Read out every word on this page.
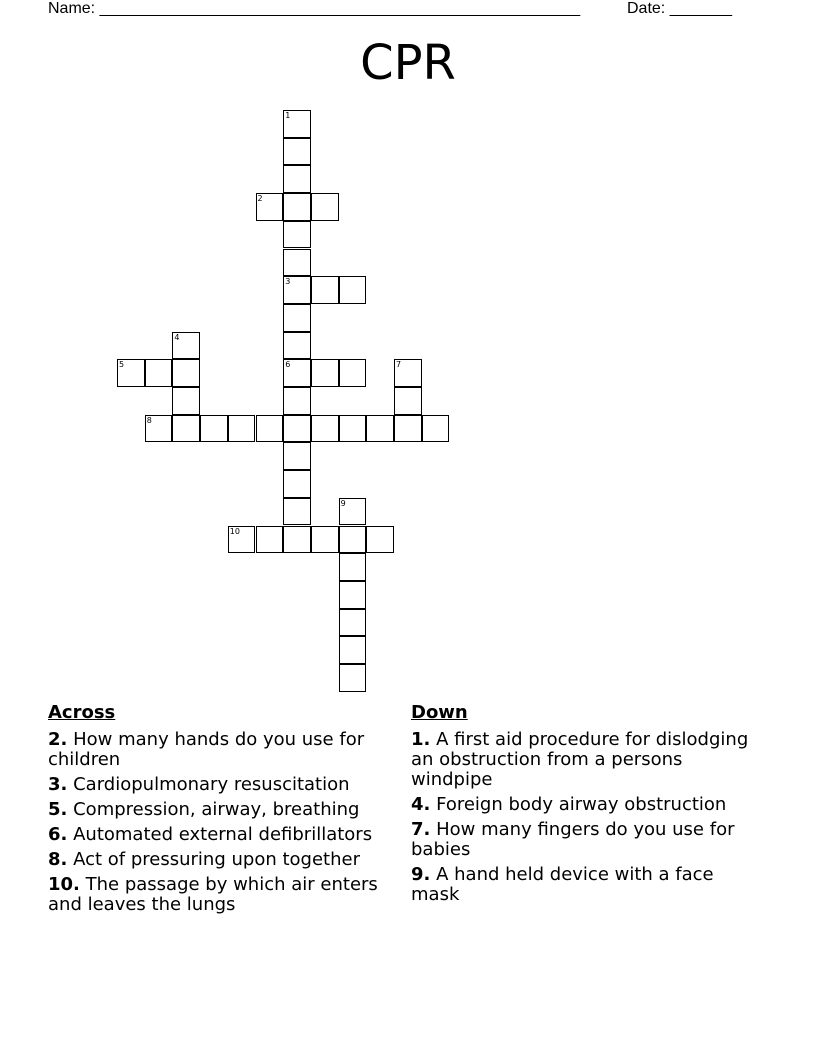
Name: ______________________________________________________	Date: _______
CPR
1
3
6
2
4
5	7
8
9
10
Across
2. How many hands do you use for children
3. Cardiopulmonary resuscitation
5. Compression, airway, breathing
6. Automated external defibrillators
8. Act of pressuring upon together
10. The passage by which air enters and leaves the lungs
Down
1. A first aid procedure for dislodging an obstruction from a persons windpipe
4. Foreign body airway obstruction
7. How many fingers do you use for babies
9. A hand held device with a face mask
